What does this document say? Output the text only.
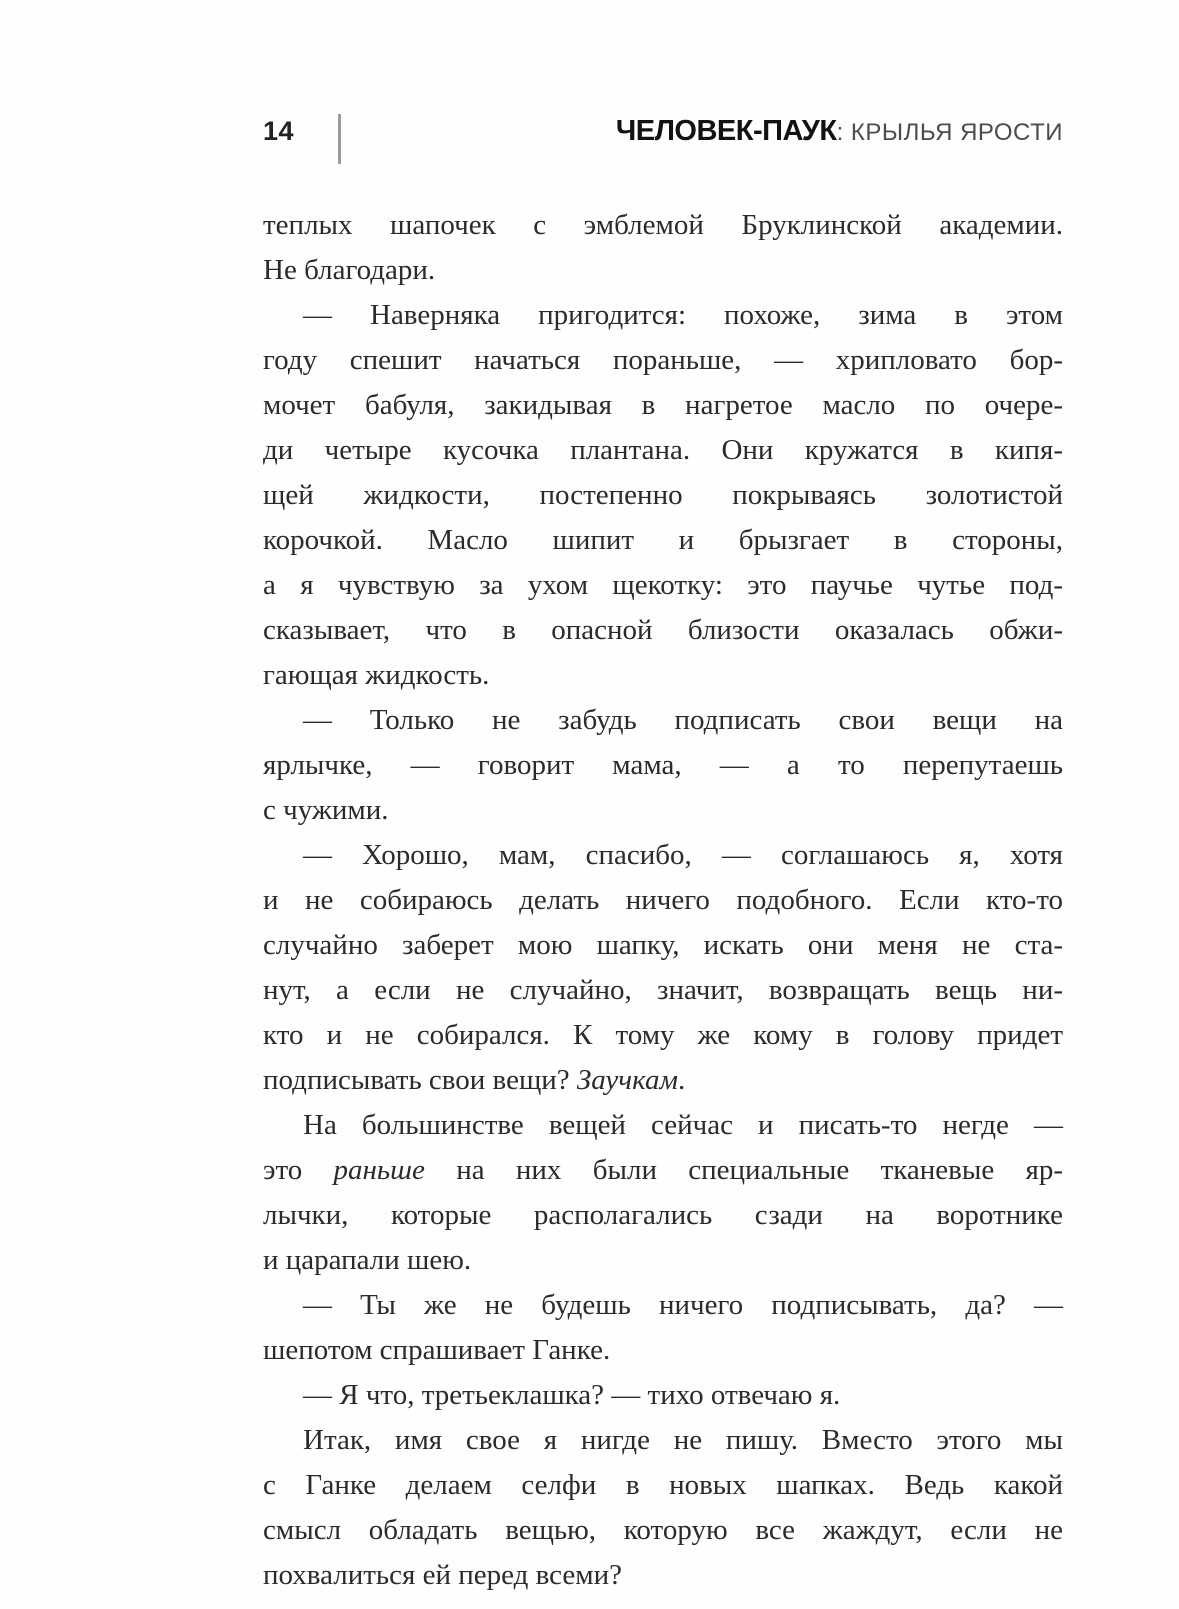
14	ЧЕЛОВЕК-ПАУК: КРЫЛЬЯ ЯРОСТИ

теплых шапочек с эмблемой Бруклинской академии.
Не благодари.

— Наверняка пригодится: похоже, зима в этом
году спешит начаться пораньше, — хрипловато бор-
мочет бабуля, закидывая в нагретое масло по очере-
ди четыре кусочка плантана. Они кружатся в кипя-
щей жидкости, постепенно покрываясь золотистой
корочкой. Масло шипит и брызгает в стороны,
а я чувствую за ухом щекотку: это паучье чутье под-
сказывает, что в опасной близости оказалась обжи-
гающая жидкость.

— Только не забудь подписать свои вещи на
ярлычке, — говорит мама, — а то перепутаешь
с чужими.

— Хорошо, мам, спасибо, — соглашаюсь я, хотя
и не собираюсь делать ничего подобного. Если кто-то
случайно заберет мою шапку, искать они меня не ста-
нут, а если не случайно, значит, возвращать вещь ни-
кто и не собирался. К тому же кому в голову придет
подписывать свои вещи? Заучкам.

На большинстве вещей сейчас и писать-то негде —
это раньше на них были специальные тканевые яр-
лычки, которые располагались сзади на воротнике
и царапали шею.

— Ты же не будешь ничего подписывать, да? —
шепотом спрашивает Ганке.

— Я что, третьеклашка? — тихо отвечаю я.

Итак, имя свое я нигде не пишу. Вместо этого мы
с Ганке делаем селфи в новых шапках. Ведь какой
смысл обладать вещью, которую все жаждут, если не
похвалиться ей перед всеми?
